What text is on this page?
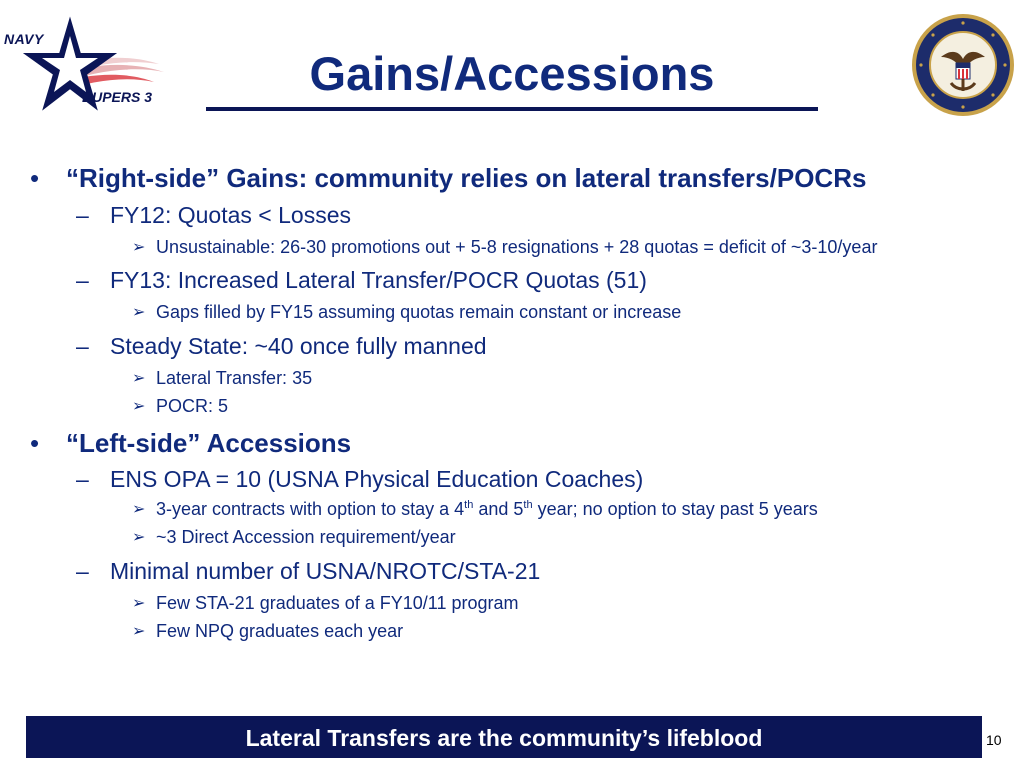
NAVY
BUPERS 3	Gains/Accessions
• “Right-side” Gains: community relies on lateral transfers/POCRs
– FY12: Quotas < Losses
➢ Unsustainable: 26-30 promotions out + 5-8 resignations + 28 quotas = deficit of ~3-10/year
– FY13: Increased Lateral Transfer/POCR Quotas (51)
➢ Gaps filled by FY15 assuming quotas remain constant or increase
– Steady State: ~40 once fully manned
➢ Lateral Transfer: 35
➢ POCR: 5
• “Left-side” Accessions
– ENS OPA = 10 (USNA Physical Education Coaches)
➢ 3-year contracts with option to stay a 4th and 5th year; no option to stay past 5 years
➢ ~3 Direct Accession requirement/year
– Minimal number of USNA/NROTC/STA-21
➢ Few STA-21 graduates of a FY10/11 program
➢ Few NPQ graduates each year
Lateral Transfers are the community’s lifeblood	10
